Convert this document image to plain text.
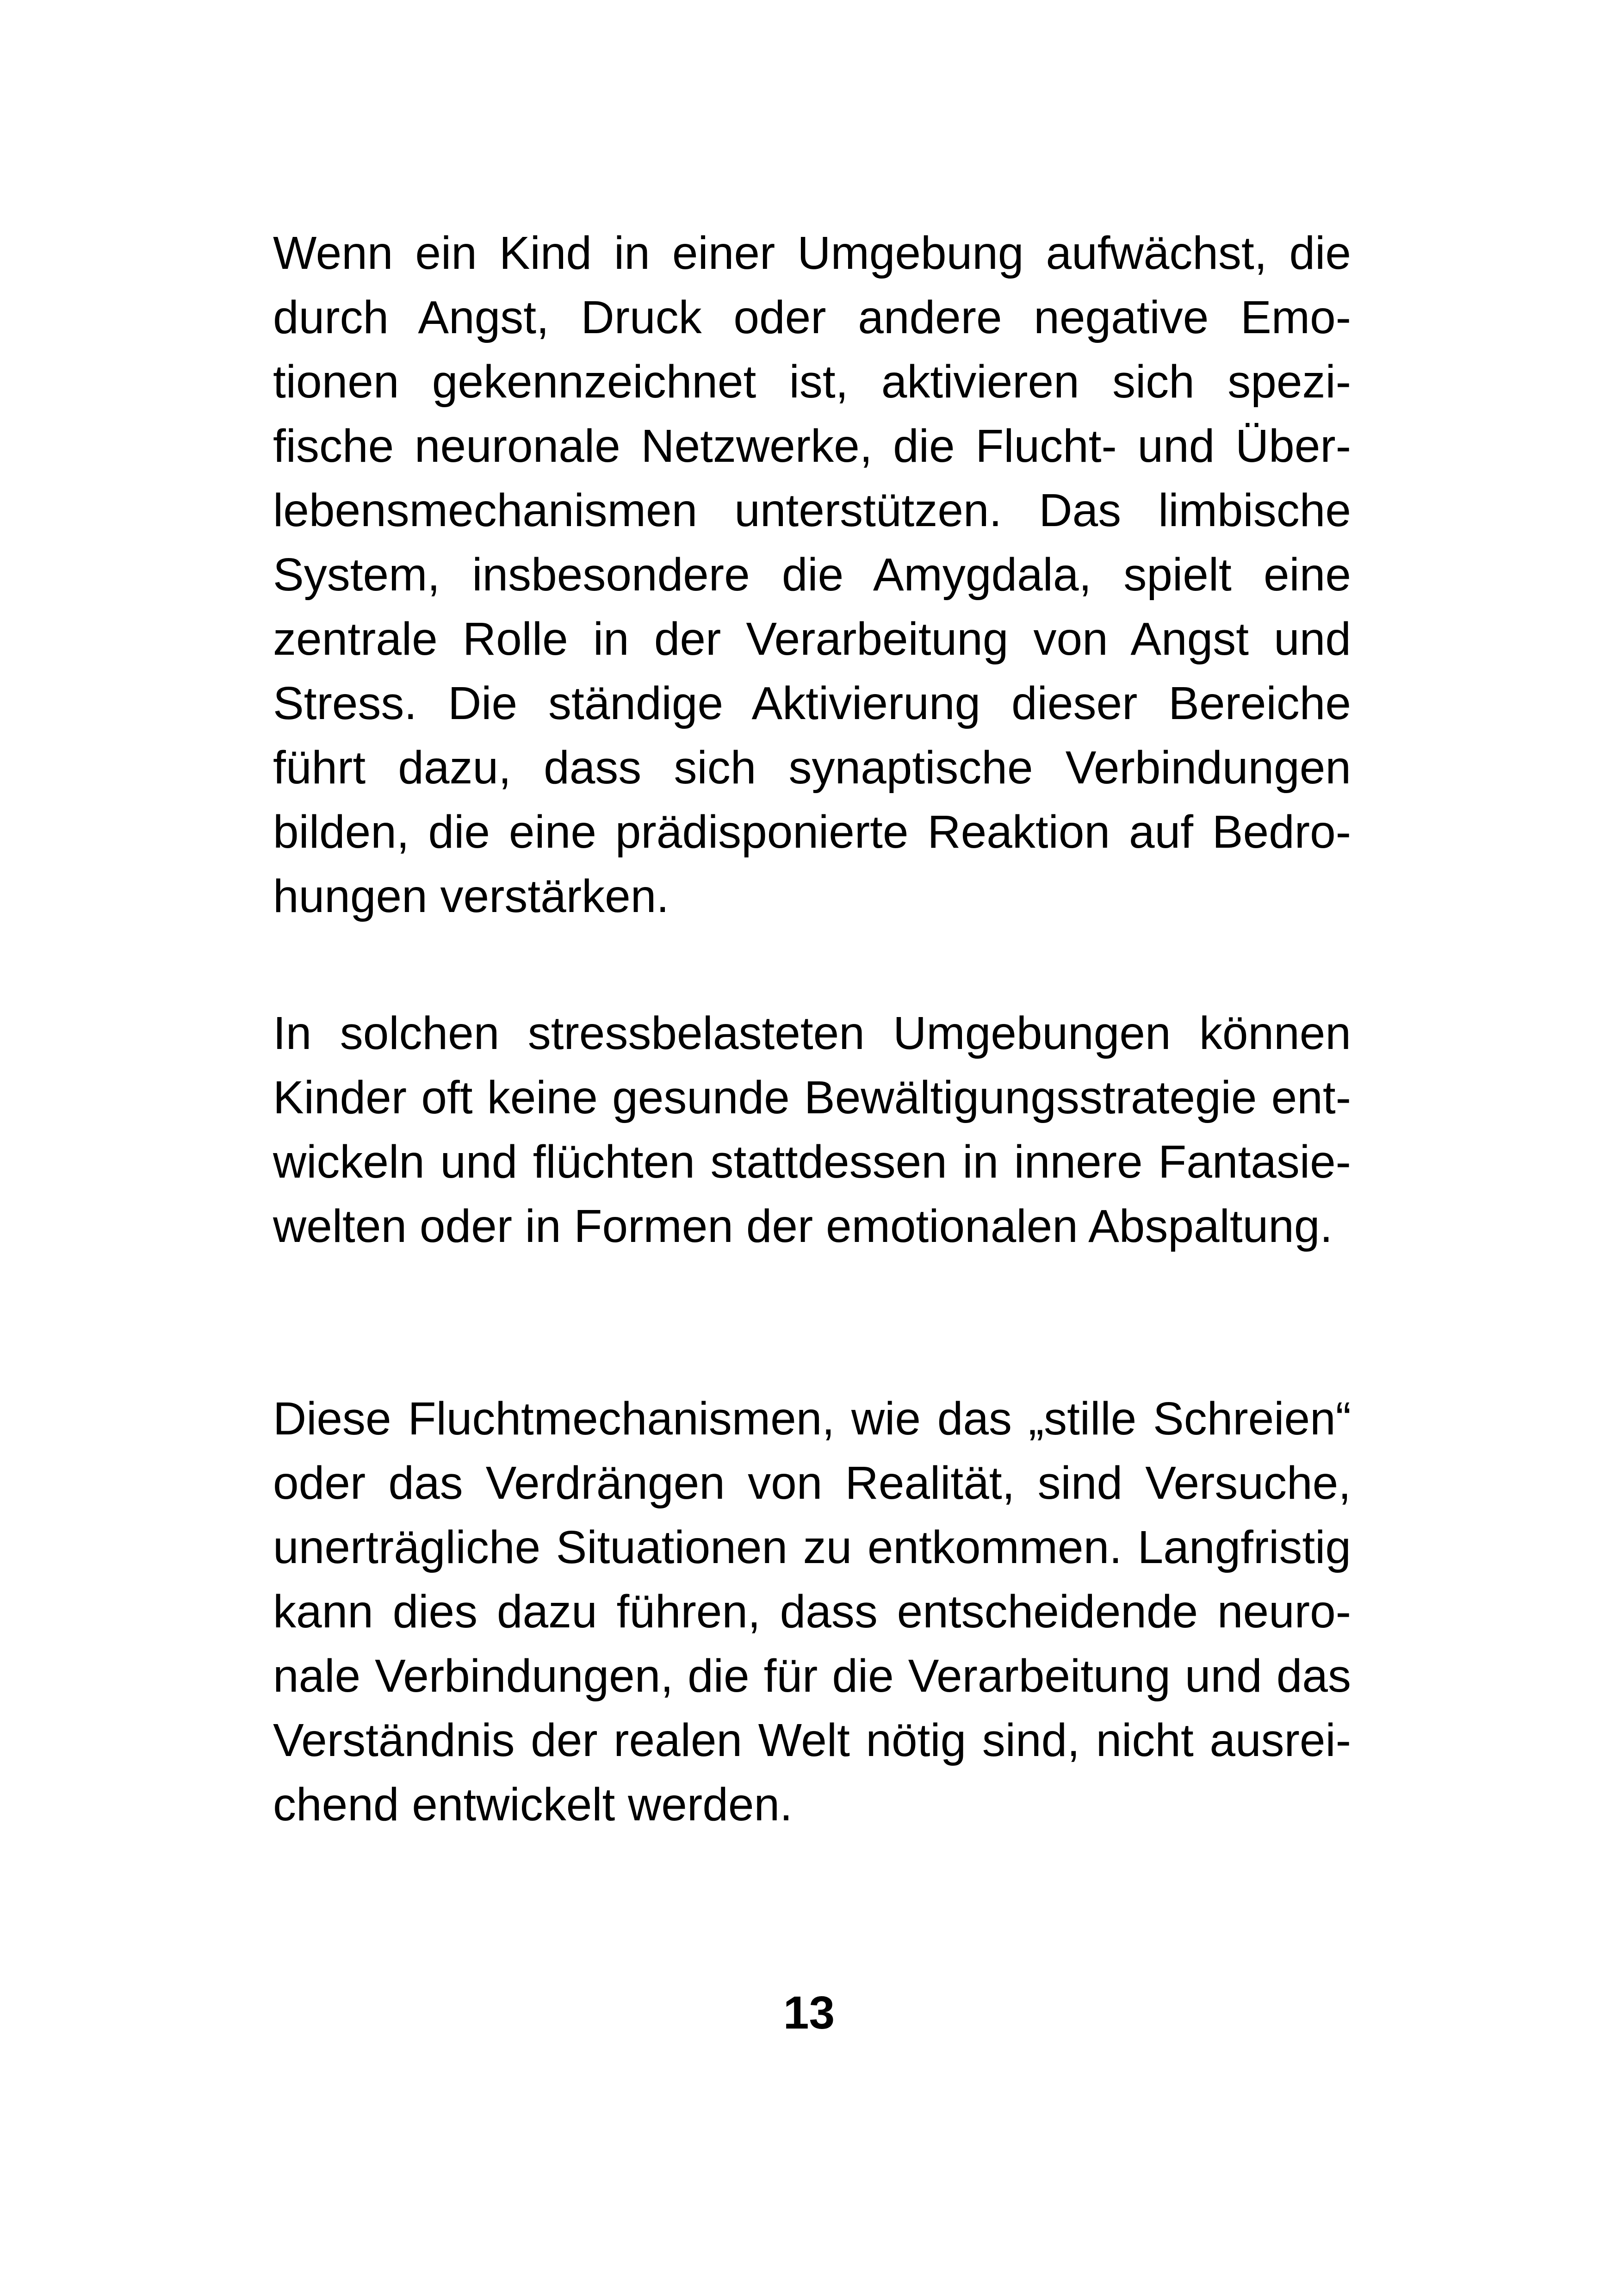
Wenn ein Kind in einer Umgebung aufwächst, die
durch Angst, Druck oder andere negative Emo-
tionen gekennzeichnet ist, aktivieren sich spezi-
fische neuronale Netzwerke, die Flucht- und Über-
lebensmechanismen unterstützen. Das limbische
System, insbesondere die Amygdala, spielt eine
zentrale Rolle in der Verarbeitung von Angst und
Stress. Die ständige Aktivierung dieser Bereiche
führt dazu, dass sich synaptische Verbindungen
bilden, die eine prädisponierte Reaktion auf Bedro-
hungen verstärken.

In solchen stressbelasteten Umgebungen können
Kinder oft keine gesunde Bewältigungsstrategie ent-
wickeln und flüchten stattdessen in innere Fantasie-
welten oder in Formen der emotionalen Abspaltung.

Diese Fluchtmechanismen, wie das „stille Schreien“
oder das Verdrängen von Realität, sind Versuche,
unerträgliche Situationen zu entkommen. Langfristig
kann dies dazu führen, dass entscheidende neuro-
nale Verbindungen, die für die Verarbeitung und das
Verständnis der realen Welt nötig sind, nicht ausrei-
chend entwickelt werden.

13
